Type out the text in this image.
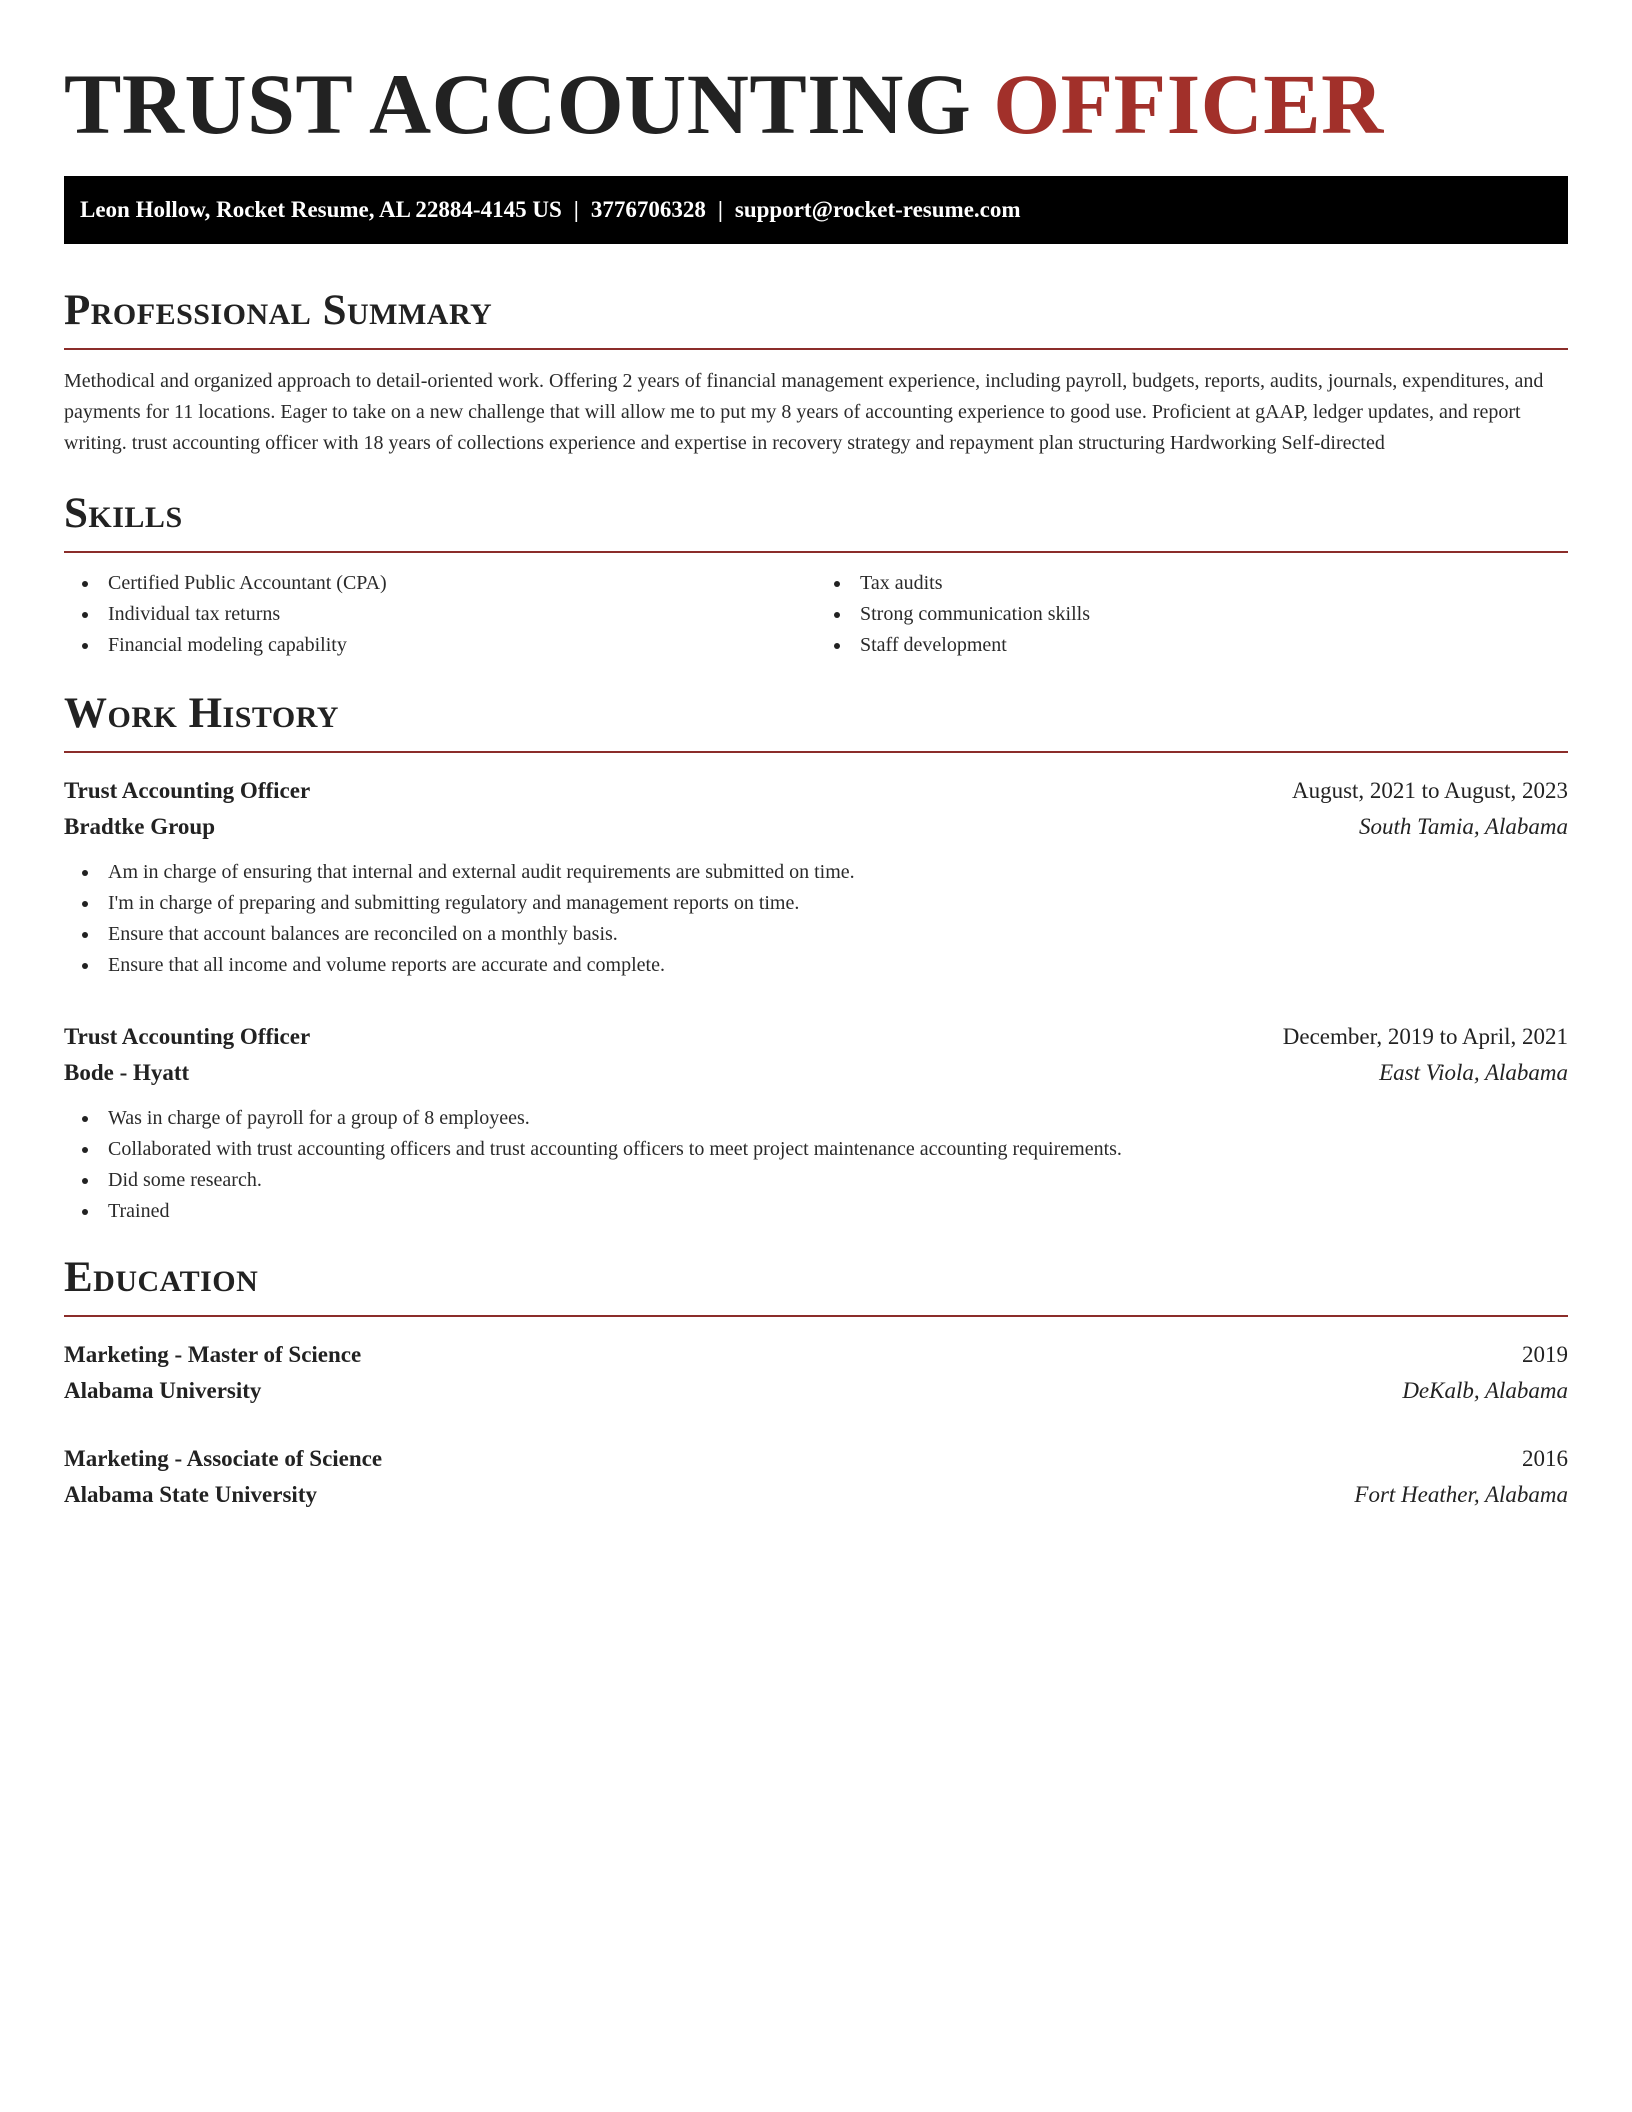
TRUST ACCOUNTING OFFICER
Leon Hollow, Rocket Resume, AL 22884-4145 US | 3776706328 | support@rocket-resume.com
Professional Summary

Methodical and organized approach to detail-oriented work. Offering 2 years of financial management experience, including payroll, budgets, reports, audits, journals, expenditures, and payments for 11 locations. Eager to take on a new challenge that will allow me to put my 8 years of accounting experience to good use. Proficient at gAAP, ledger updates, and report writing. trust accounting officer with 18 years of collections experience and expertise in recovery strategy and repayment plan structuring Hardworking Self-directed

Skills
Certified Public Accountant (CPA)
Individual tax returns
Financial modeling capability
Tax audits
Strong communication skills
Staff development
Work History
Trust Accounting Officer	August, 2021 to August, 2023
Bradtke Group	South Tamia, Alabama
Am in charge of ensuring that internal and external audit requirements are submitted on time.
I'm in charge of preparing and submitting regulatory and management reports on time.
Ensure that account balances are reconciled on a monthly basis.
Ensure that all income and volume reports are accurate and complete.
Trust Accounting Officer	December, 2019 to April, 2021
Bode - Hyatt	East Viola, Alabama
Was in charge of payroll for a group of 8 employees.
Collaborated with trust accounting officers and trust accounting officers to meet project maintenance accounting requirements.
Did some research.
Trained
Education
Marketing - Master of Science	2019
Alabama University	DeKalb, Alabama
Marketing - Associate of Science	2016
Alabama State University	Fort Heather, Alabama
